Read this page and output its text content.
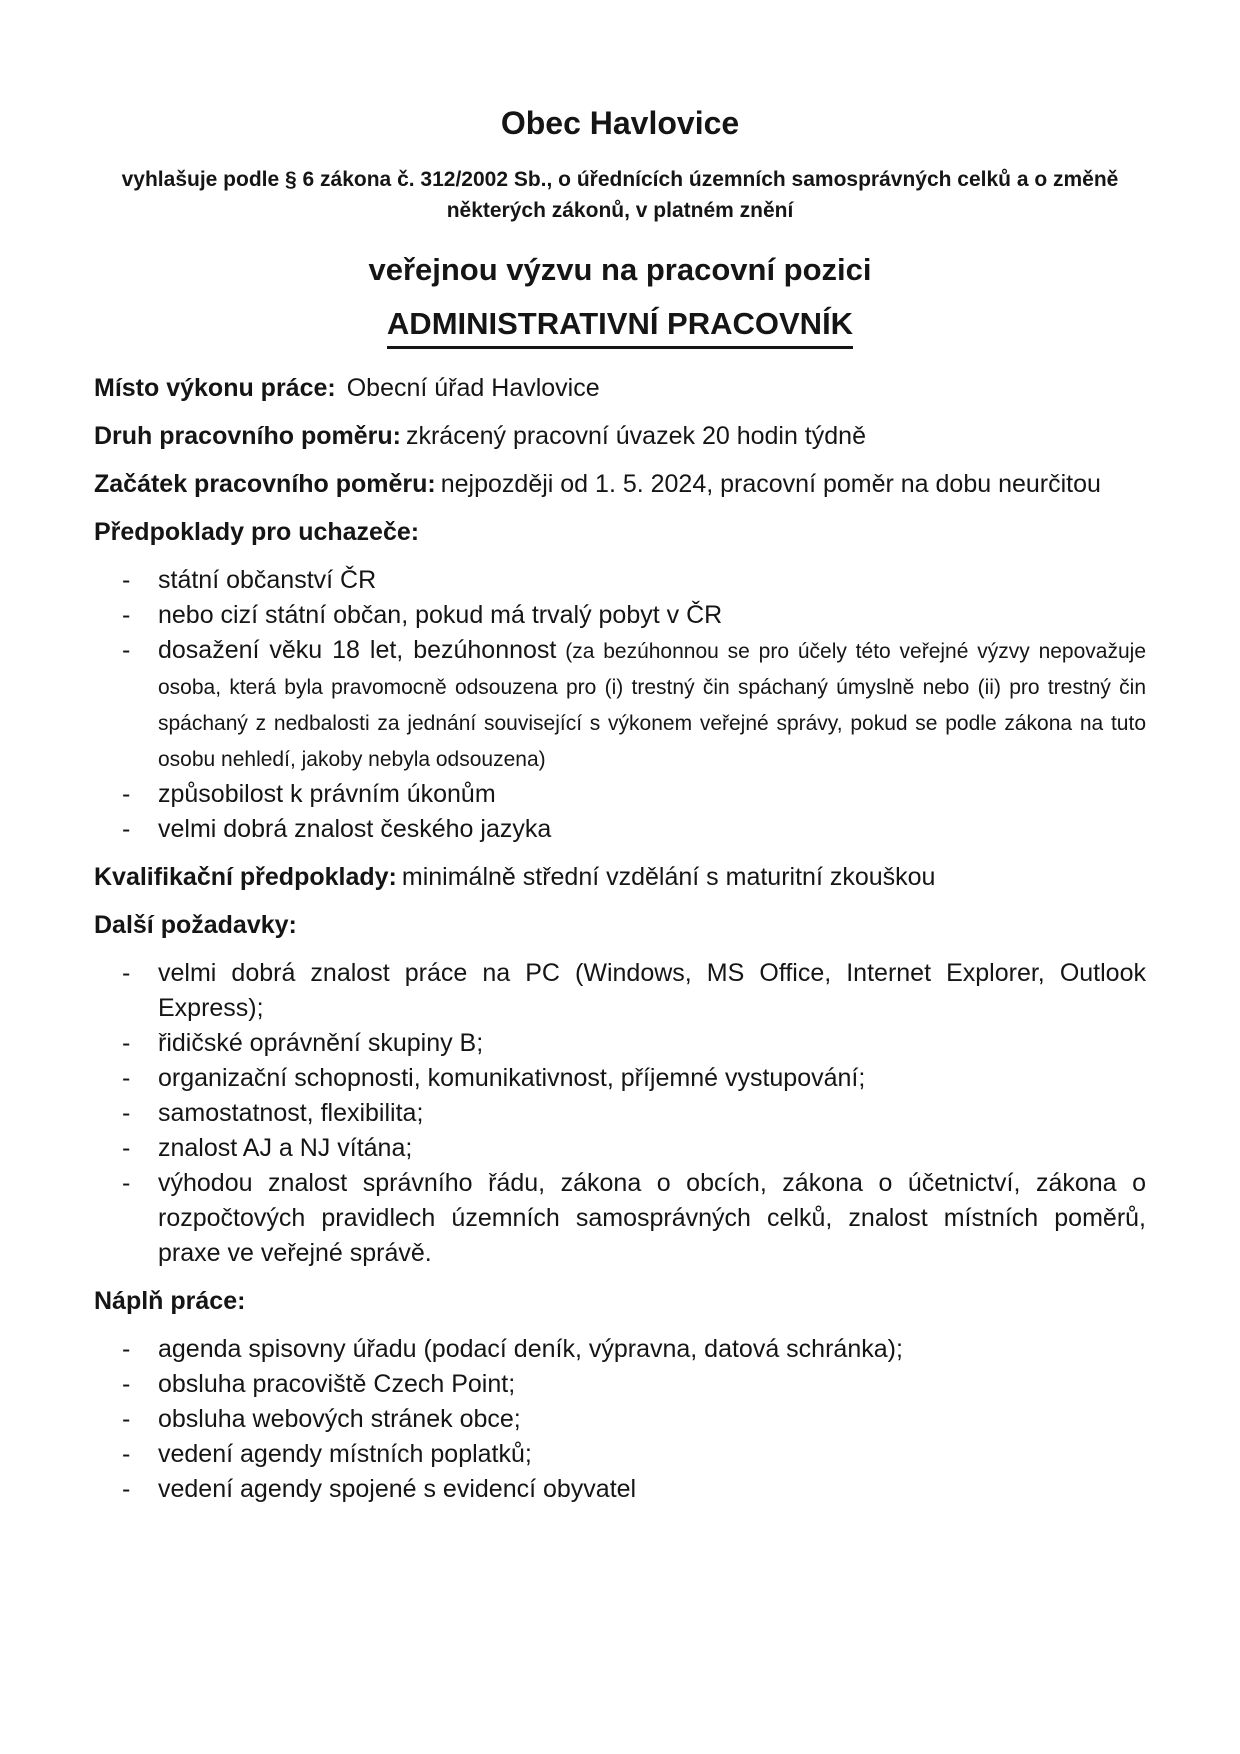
Obec Havlovice

vyhlašuje podle § 6 zákona č. 312/2002 Sb., o úřednících územních samosprávných celků a o změně některých zákonů, v platném znění

veřejnou výzvu na pracovní pozici

ADMINISTRATIVNÍ PRACOVNÍK

Místo výkonu práce: Obecní úřad Havlovice

Druh pracovního poměru: zkrácený pracovní úvazek 20 hodin týdně

Začátek pracovního poměru: nejpozději od 1. 5. 2024, pracovní poměr na dobu neurčitou

Předpoklady pro uchazeče:
- státní občanství ČR
- nebo cizí státní občan, pokud má trvalý pobyt v ČR
- dosažení věku 18 let, bezúhonnost (za bezúhonnou se pro účely této veřejné výzvy nepovažuje osoba, která byla pravomocně odsouzena pro (i) trestný čin spáchaný úmyslně nebo (ii) pro trestný čin spáchaný z nedbalosti za jednání související s výkonem veřejné správy, pokud se podle zákona na tuto osobu nehledí, jakoby nebyla odsouzena)
- způsobilost k právním úkonům
- velmi dobrá znalost českého jazyka

Kvalifikační předpoklady: minimálně střední vzdělání s maturitní zkouškou

Další požadavky:
- velmi dobrá znalost práce na PC (Windows, MS Office, Internet Explorer, Outlook Express);
- řidičské oprávnění skupiny B;
- organizační schopnosti, komunikativnost, příjemné vystupování;
- samostatnost, flexibilita;
- znalost AJ a NJ vítána;
- výhodou znalost správního řádu, zákona o obcích, zákona o účetnictví, zákona o rozpočtových pravidlech územních samosprávných celků, znalost místních poměrů, praxe ve veřejné správě.
Náplň práce:
- agenda spisovny úřadu (podací deník, výpravna, datová schránka);
- obsluha pracoviště Czech Point;
- obsluha webových stránek obce;
- vedení agendy místních poplatků;
- vedení agendy spojené s evidencí obyvatel
